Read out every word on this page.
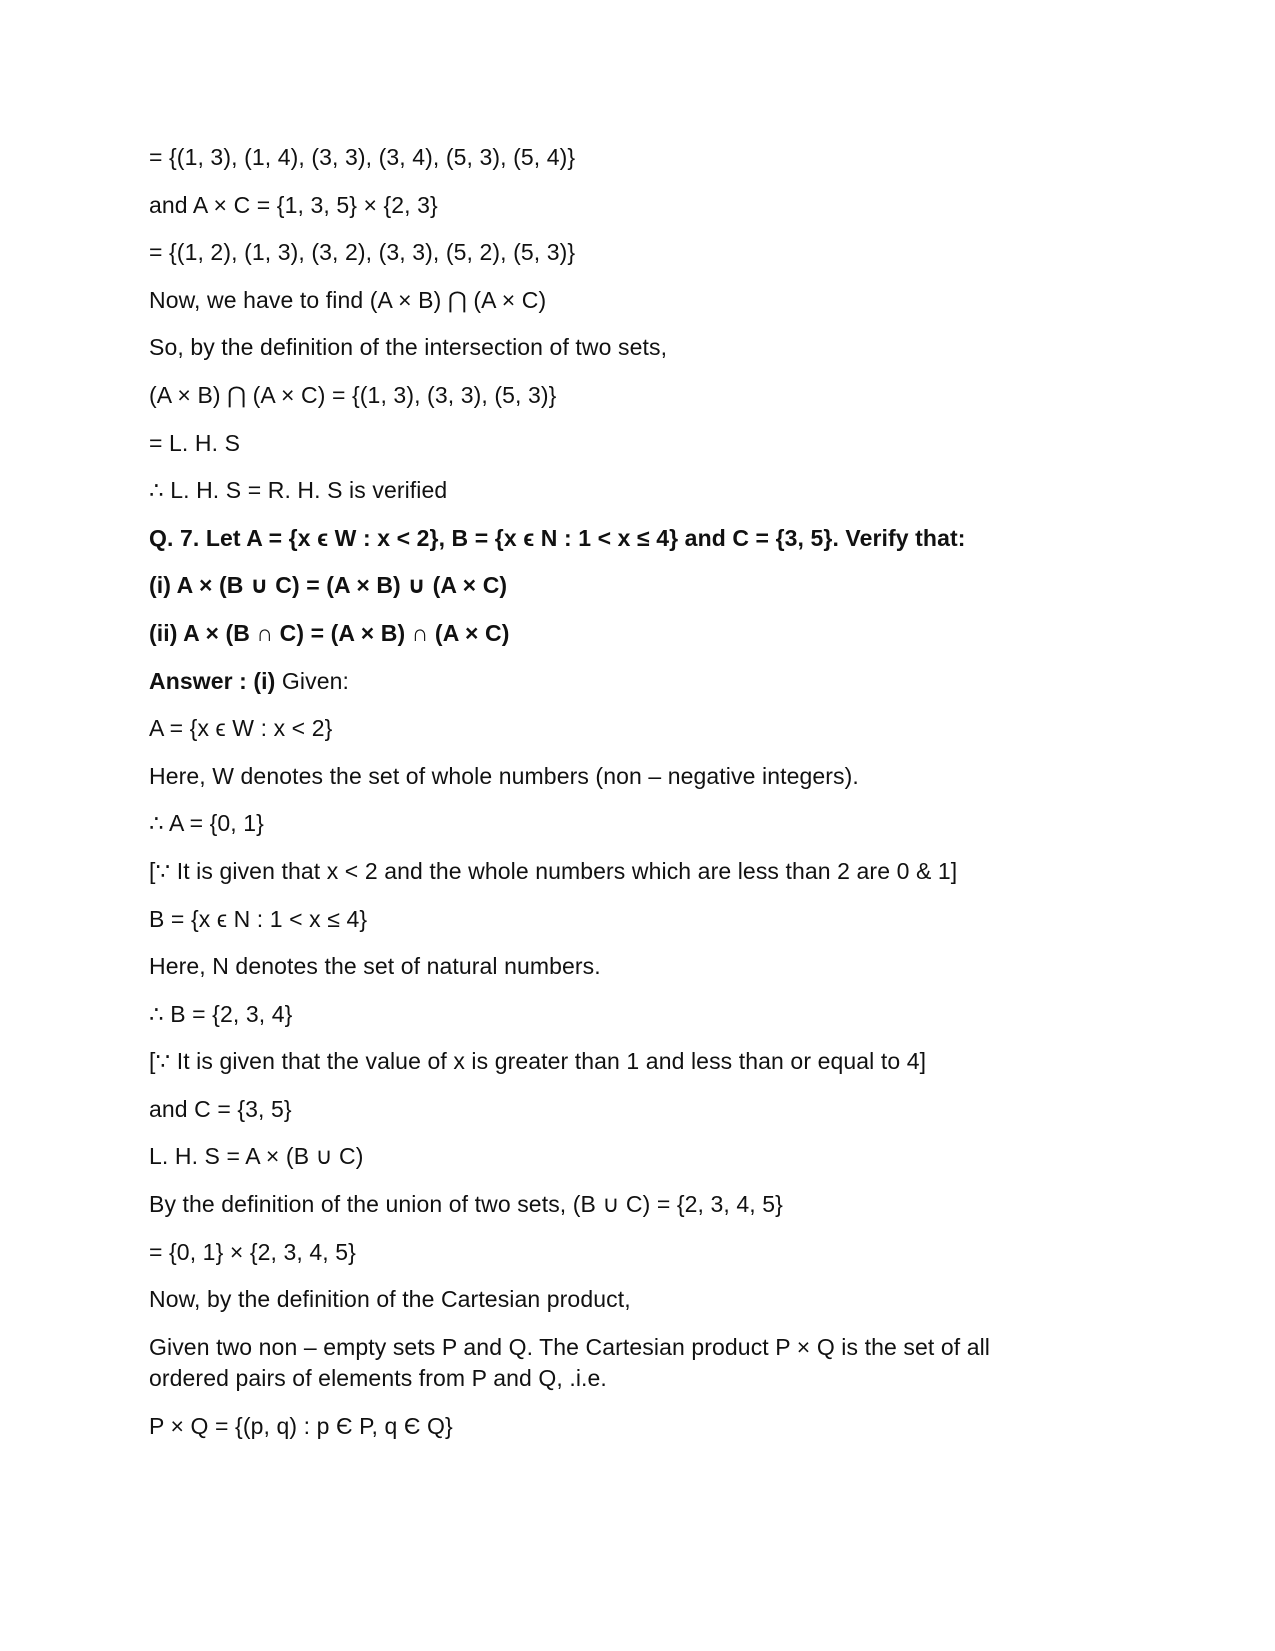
= {(1, 3), (1, 4), (3, 3), (3, 4), (5, 3), (5, 4)}
and A × C = {1, 3, 5} × {2, 3}
= {(1, 2), (1, 3), (3, 2), (3, 3), (5, 2), (5, 3)}
Now, we have to find (A × B) ⋂ (A × C)
So, by the definition of the intersection of two sets,
(A × B) ⋂ (A × C) = {(1, 3), (3, 3), (5, 3)}
= L. H. S
∴ L. H. S = R. H. S is verified
Q. 7. Let A = {x ϵ W : x < 2}, B = {x ϵ N : 1 < x ≤ 4} and C = {3, 5}. Verify that:
(i) A × (B ∪ C) = (A × B) ∪ (A × C)
(ii) A × (B ∩ C) = (A × B) ∩ (A × C)
Answer : (i) Given:
A = {x ϵ W : x < 2}
Here, W denotes the set of whole numbers (non – negative integers).
∴ A = {0, 1}
[∵ It is given that x < 2 and the whole numbers which are less than 2 are 0 & 1]
B = {x ϵ N : 1 < x ≤ 4}
Here, N denotes the set of natural numbers.
∴ B = {2, 3, 4}
[∵ It is given that the value of x is greater than 1 and less than or equal to 4]
and C = {3, 5}
L. H. S = A × (B ∪ C)
By the definition of the union of two sets, (B ∪ C) = {2, 3, 4, 5}
= {0, 1} × {2, 3, 4, 5}
Now, by the definition of the Cartesian product,
Given two non – empty sets P and Q. The Cartesian product P × Q is the set of all
ordered pairs of elements from P and Q, .i.e.
P × Q = {(p, q) : p Є P, q Є Q}
